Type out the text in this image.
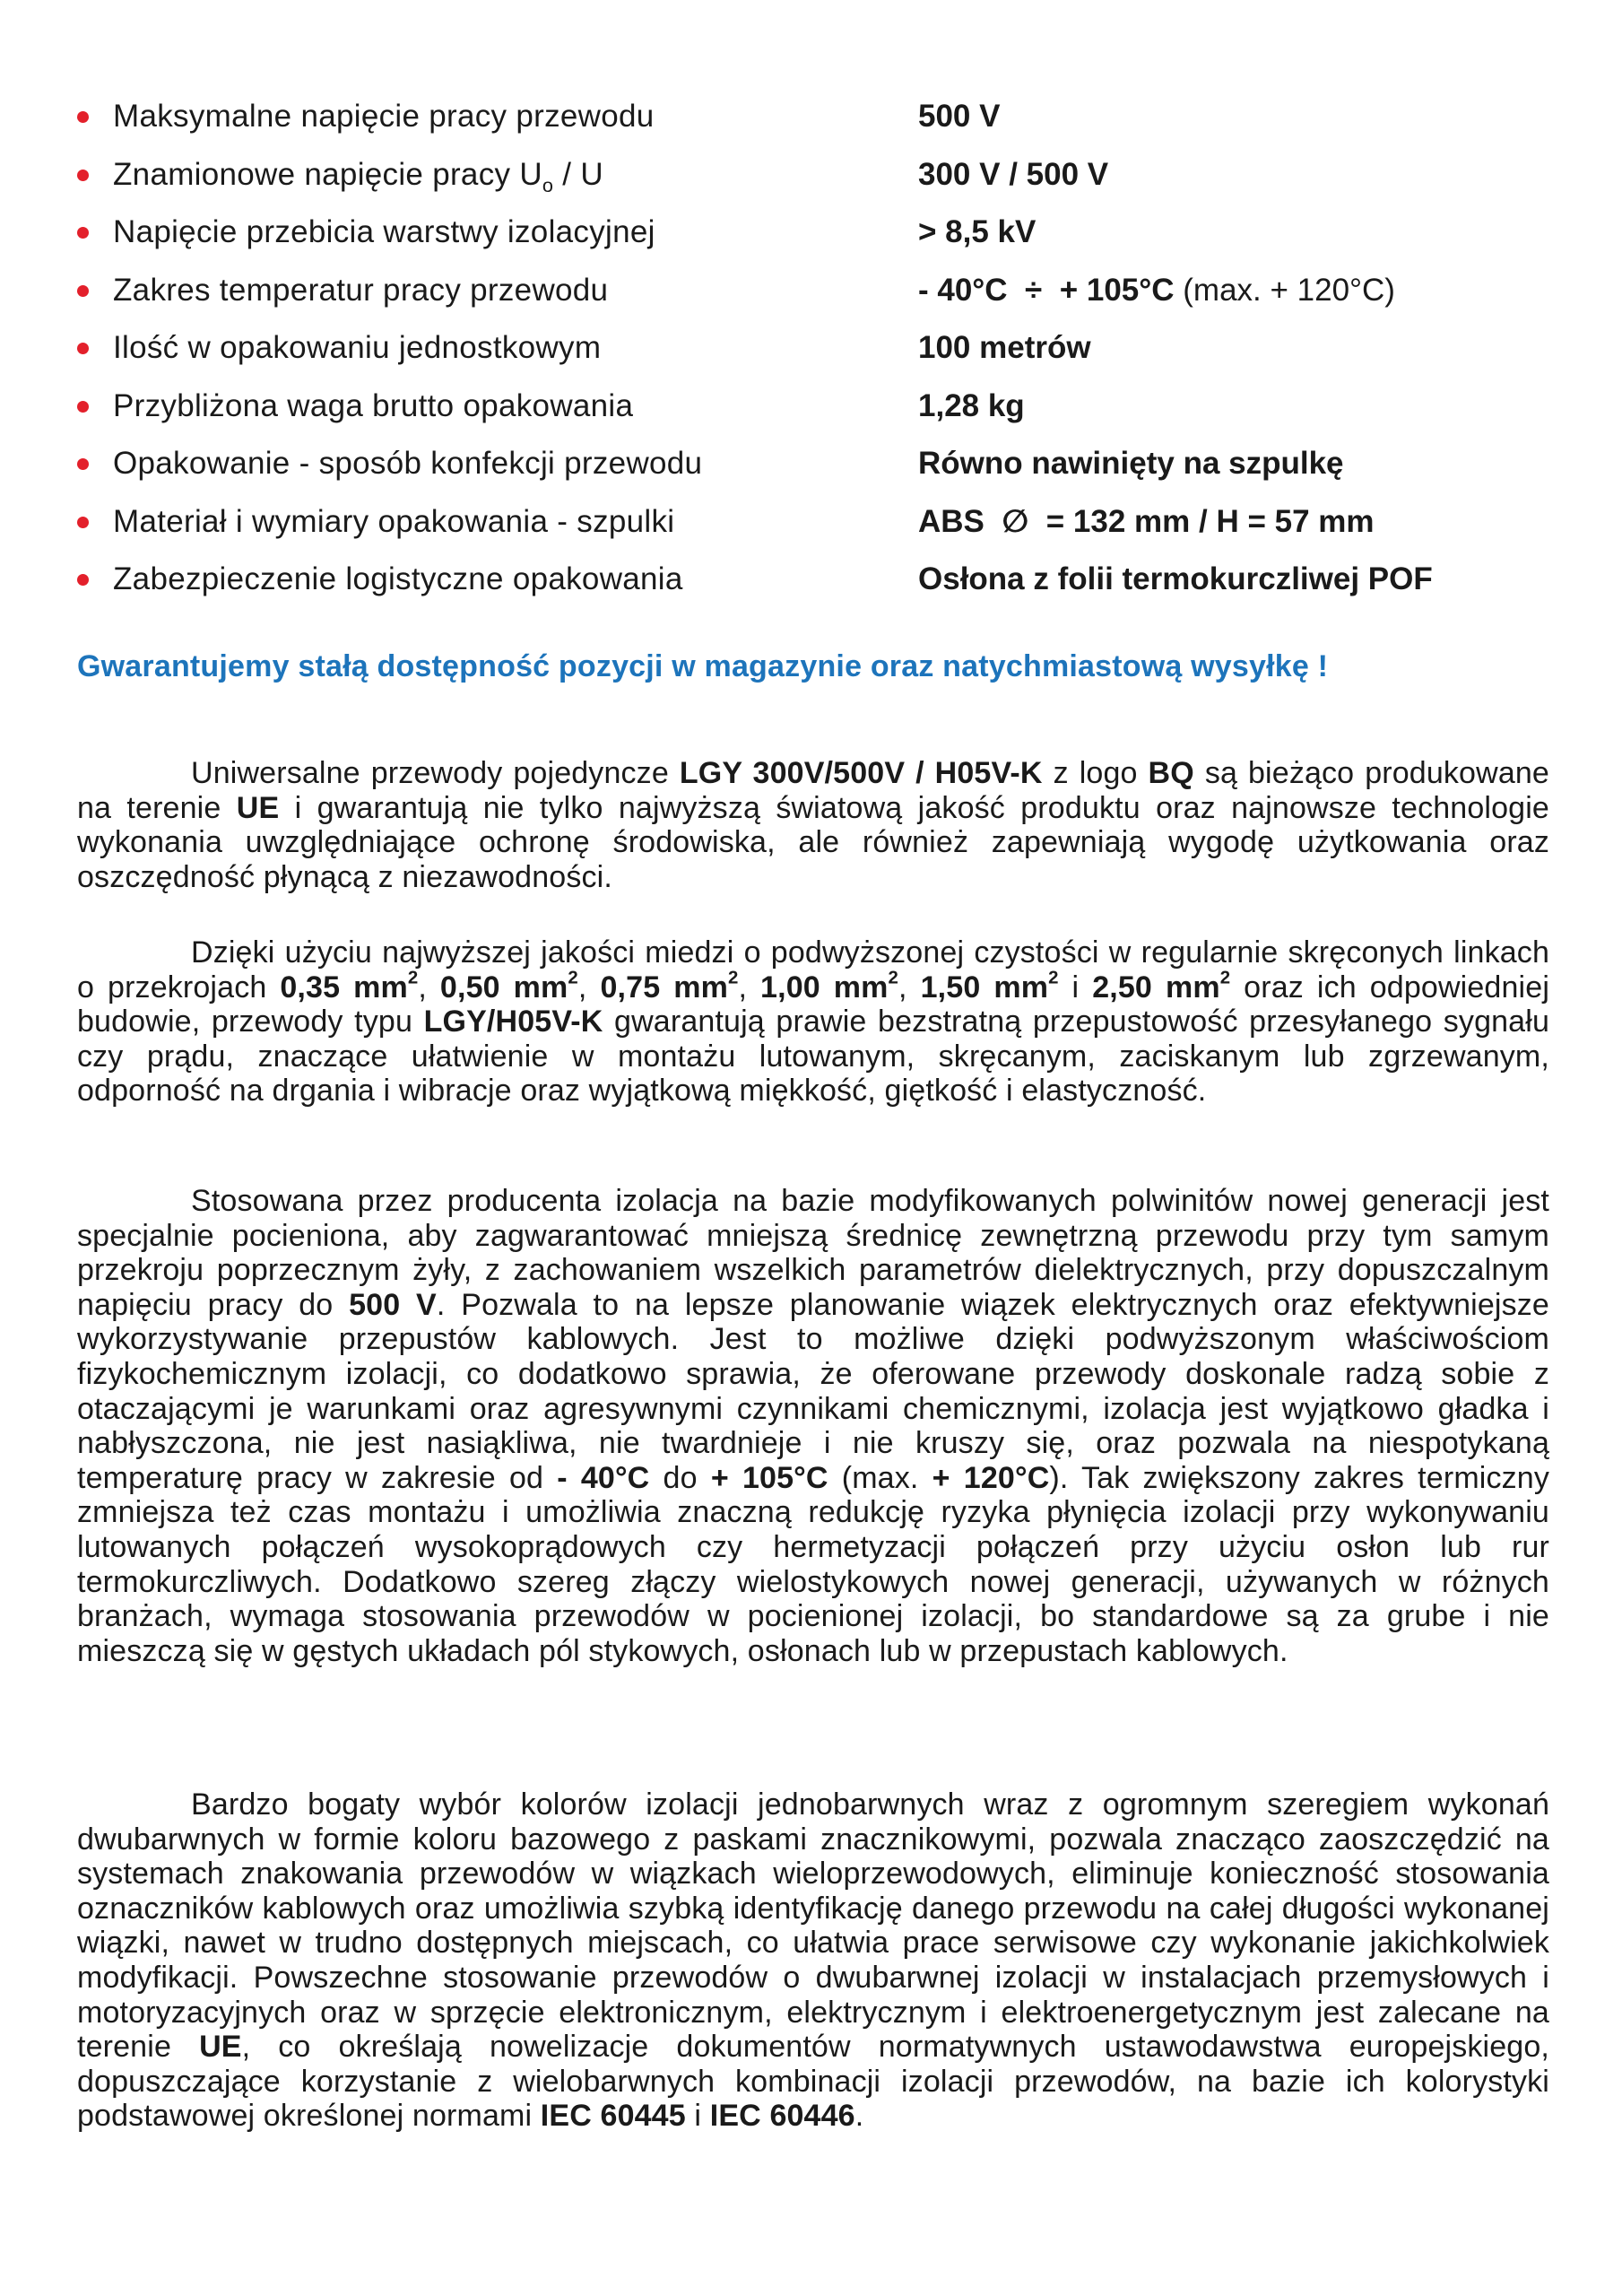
Maksymalne napięcie pracy przewodu	500 V
Znamionowe napięcie pracy $U_o$ / U	300 V / 500 V
Napięcie przebicia warstwy izolacyjnej	> 8,5 kV
Zakres temperatur pracy przewodu	- 40°C  ÷  + 105°C (max. + 120°C)
Ilość w opakowaniu jednostkowym	100 metrów
Przybliżona waga brutto opakowania	1,28 kg
Opakowanie - sposób konfekcji przewodu	Równo nawinięty na szpulkę
Materiał i wymiary opakowania - szpulki	ABS  ∅  = 132 mm / H = 57 mm
Zabezpieczenie logistyczne opakowania	Osłona z folii termokurczliwej POF
Gwarantujemy stałą dostępność pozycji w magazynie oraz natychmiastową wysyłkę !

Uniwersalne przewody pojedyncze LGY 300V/500V / H05V-K z logo BQ są bieżąco produkowane na terenie UE i gwarantują nie tylko najwyższą światową jakość produktu oraz najnowsze technologie wykonania uwzględniające ochronę środowiska, ale również zapewniają wygodę użytkowania oraz oszczędność płynącą z niezawodności.

Dzięki użyciu najwyższej jakości miedzi o podwyższonej czystości w regularnie skręconych linkach o przekrojach 0,35 $mm^2$, 0,50 $mm^2$, 0,75 $mm^2$, 1,00 $mm^2$, 1,50 $mm^2$ i 2,50 $mm^2$ oraz ich odpowiedniej budowie, przewody typu LGY/H05V-K gwarantują prawie bezstratną przepustowość przesyłanego sygnału czy prądu, znaczące ułatwienie w montażu lutowanym, skręcanym, zaciskanym lub zgrzewanym, odporność na drgania i wibracje oraz wyjątkową miękkość, giętkość i elastyczność.

Stosowana przez producenta izolacja na bazie modyfikowanych polwinitów nowej generacji jest specjalnie pocieniona, aby zagwarantować mniejszą średnicę zewnętrzną przewodu przy tym samym przekroju poprzecznym żyły, z zachowaniem wszelkich parametrów dielektrycznych, przy dopuszczalnym napięciu pracy do 500 V. Pozwala to na lepsze planowanie wiązek elektrycznych oraz efektywniejsze wykorzystywanie przepustów kablowych. Jest to możliwe dzięki podwyższonym właściwościom fizykochemicznym izolacji, co dodatkowo sprawia, że oferowane przewody doskonale radzą sobie z otaczającymi je warunkami oraz agresywnymi czynnikami chemicznymi, izolacja jest wyjątkowo gładka i nabłyszczona, nie jest nasiąkliwa, nie twardnieje i nie kruszy się, oraz pozwala na niespotykaną temperaturę pracy w zakresie od - 40°C do + 105°C (max. + 120°C). Tak zwiększony zakres termiczny zmniejsza też czas montażu i umożliwia znaczną redukcję ryzyka płynięcia izolacji przy wykonywaniu lutowanych połączeń wysokoprądowych czy hermetyzacji połączeń przy użyciu osłon lub rur termokurczliwych. Dodatkowo szereg złączy wielostykowych nowej generacji, używanych w różnych branżach, wymaga stosowania przewodów w pocienionej izolacji, bo standardowe są za grube i nie mieszczą się w gęstych układach pól stykowych, osłonach lub w przepustach kablowych.

Bardzo bogaty wybór kolorów izolacji jednobarwnych wraz z ogromnym szeregiem wykonań dwubarwnych w formie koloru bazowego z paskami znacznikowymi, pozwala znacząco zaoszczędzić na systemach znakowania przewodów w wiązkach wieloprzewodowych, eliminuje konieczność stosowania oznaczników kablowych oraz umożliwia szybką identyfikację danego przewodu na całej długości wykonanej wiązki, nawet w trudno dostępnych miejscach, co ułatwia prace serwisowe czy wykonanie jakichkolwiek modyfikacji. Powszechne stosowanie przewodów o dwubarwnej izolacji w instalacjach przemysłowych i motoryzacyjnych oraz w sprzęcie elektronicznym, elektrycznym i elektroenergetycznym jest zalecane na terenie UE, co określają nowelizacje dokumentów normatywnych ustawodawstwa europejskiego, dopuszczające korzystanie z wielobarwnych kombinacji izolacji przewodów, na bazie ich kolorystyki podstawowej określonej normami IEC 60445 i IEC 60446.
